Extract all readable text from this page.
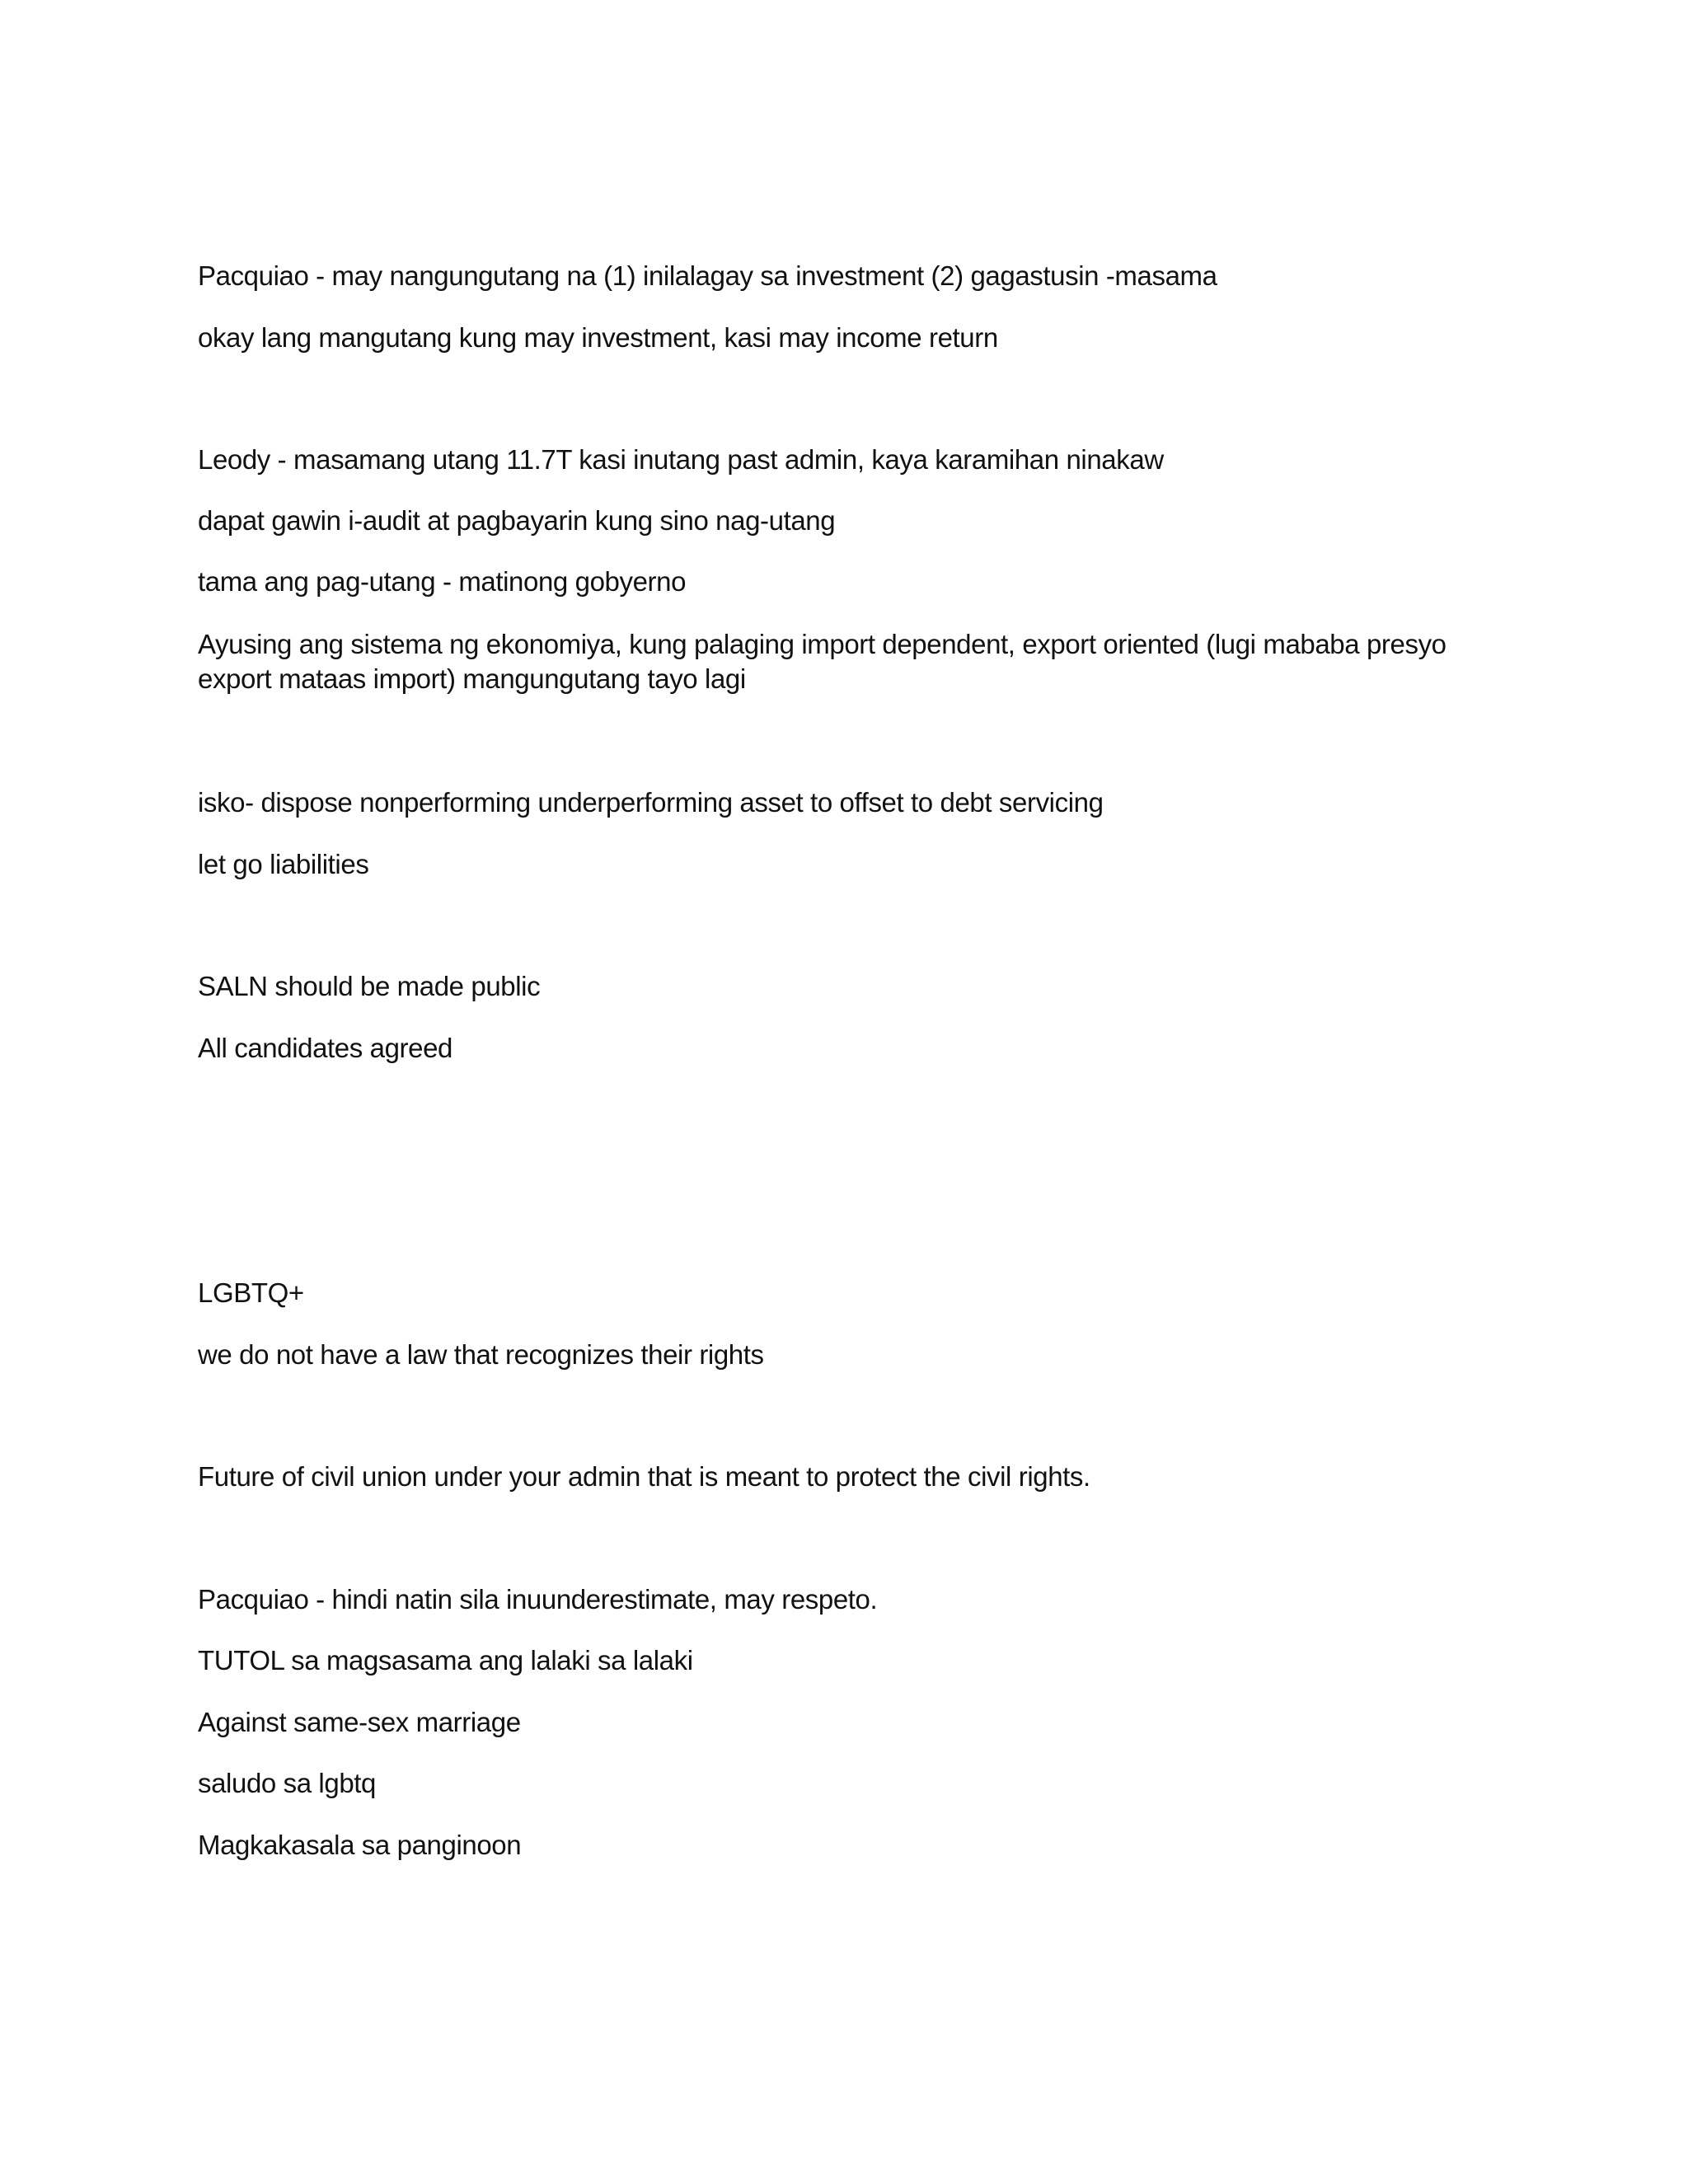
Pacquiao - may nangungutang na (1) inilalagay sa investment (2) gagastusin -masama
okay lang mangutang kung may investment, kasi may income return
Leody - masamang utang 11.7T kasi inutang past admin, kaya karamihan ninakaw
dapat gawin i-audit at pagbayarin kung sino nag-utang
tama ang pag-utang - matinong gobyerno
Ayusing ang sistema ng ekonomiya, kung palaging import dependent, export oriented (lugi mababa presyo export mataas import) mangungutang tayo lagi
isko- dispose nonperforming underperforming asset to offset to debt servicing
let go liabilities
SALN should be made public
All candidates agreed
LGBTQ+
we do not have a law that recognizes their rights
Future of civil union under your admin that is meant to protect the civil rights.
Pacquiao - hindi natin sila inuunderestimate, may respeto.
TUTOL sa magsasama ang lalaki sa lalaki
Against same-sex marriage
saludo sa lgbtq
Magkakasala sa panginoon
